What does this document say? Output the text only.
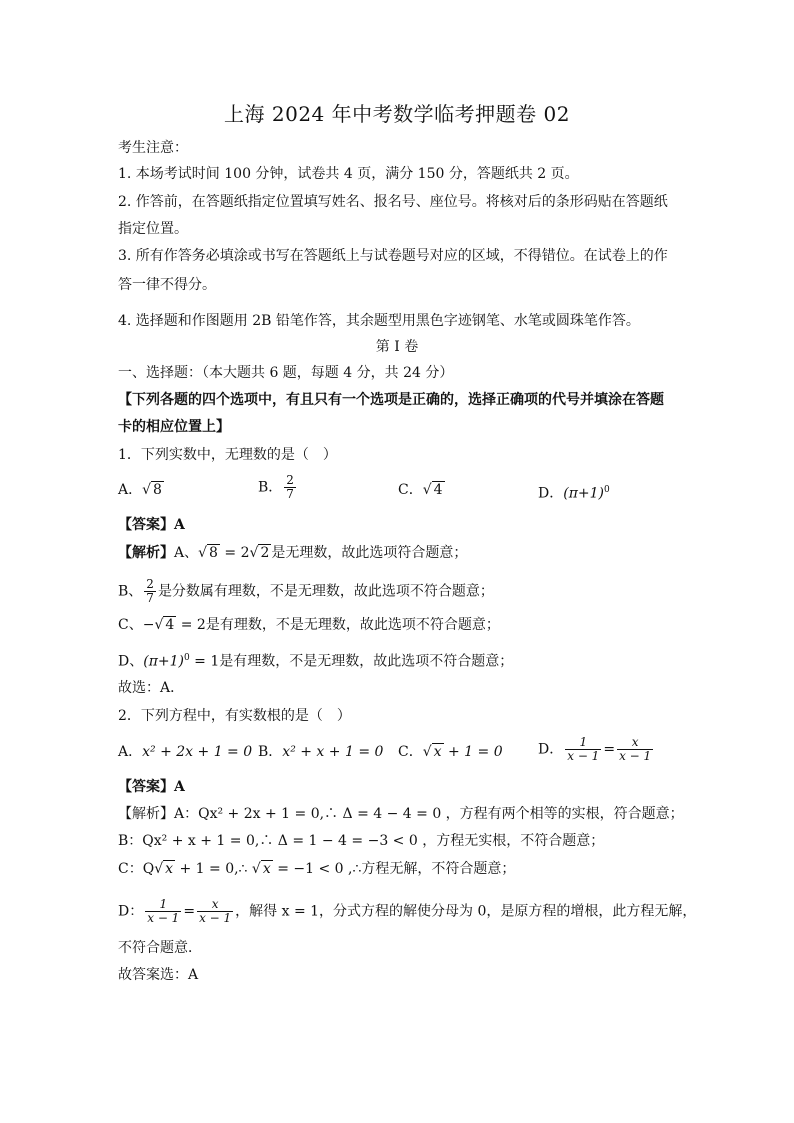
上海 2024 年中考数学临考押题卷 02
考生注意：
1. 本场考试时间 100 分钟，试卷共 4 页，满分 150 分，答题纸共 2 页。
2. 作答前，在答题纸指定位置填写姓名、报名号、座位号。将核对后的条形码贴在答题纸
指定位置。
3. 所有作答务必填涂或书写在答题纸上与试卷题号对应的区域，不得错位。在试卷上的作
答一律不得分。
4. 选择题和作图题用 2B 铅笔作答，其余题型用黑色字迹钢笔、水笔或圆珠笔作答。
第 I 卷
一、选择题：（本大题共 6 题，每题 4 分，共 24 分）
【下列各题的四个选项中，有且只有一个选项是正确的，选择正确项的代号并填涂在答题
卡的相应位置上】
1．下列实数中，无理数的是（　）
A．√ 8	B． $\frac{2}{7}$	C．√ 4	D．$(\pi+1)^0$
【答案】A
【解析】A、√ 8 = 2√ 2 是无理数，故此选项符合题意；
B、 $\frac{2}{7}$ 是分数属有理数，不是无理数，故此选项不符合题意；
C、−√ 4 = 2是有理数，不是无理数，故此选项不符合题意；
D、$(\pi+1)^0 = 1$是有理数，不是无理数，故此选项不符合题意；
故选：A．
2．下列方程中，有实数根的是（　）
A．x² + 2x + 1 = 0 B．x² + x + 1 = 0 C．√ x + 1 = 0	D． $\frac{1}{x - 1} = \frac{x}{x - 1}$
【答案】A
【解析】A：Qx² + 2x + 1 = 0,∴ Δ = 4 − 4 = 0 ，方程有两个相等的实根，符合题意；
B：Qx² + x + 1 = 0,∴ Δ = 1 − 4 = −3 < 0 ，方程无实根，不符合题意；
C：Q√ x + 1 = 0,∴ √ x = −1 < 0 ,∴方程无解，不符合题意；
D： $\frac{1}{x - 1} = \frac{x}{x - 1}$ ，解得 x = 1，分式方程的解使分母为 0，是原方程的增根，此方程无解，
不符合题意．
故答案选：A
